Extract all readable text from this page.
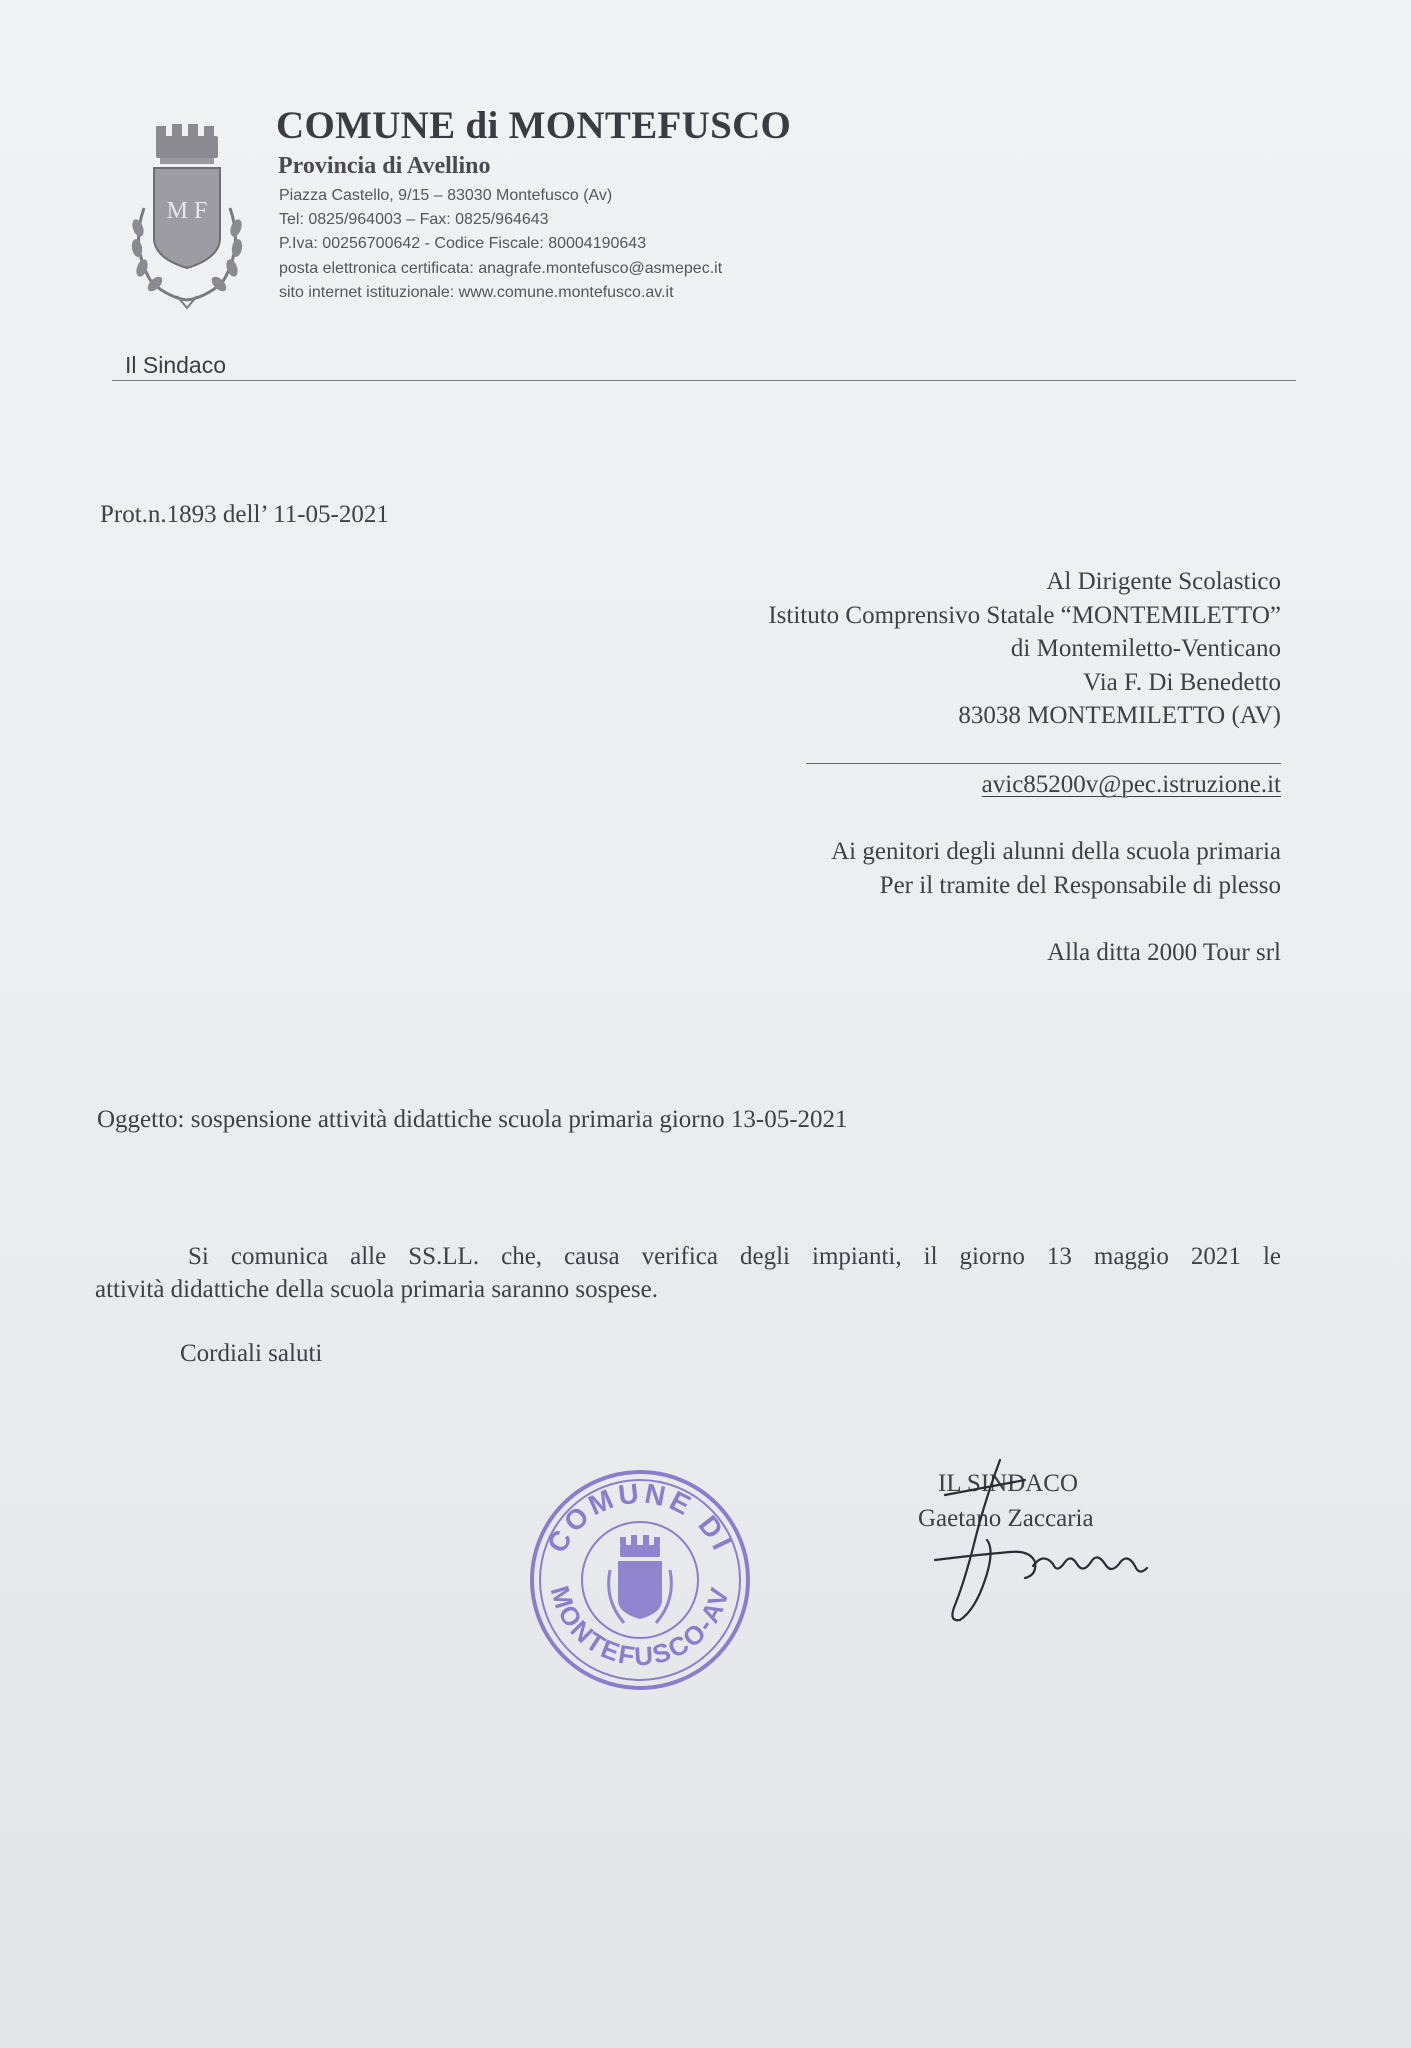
M F
COMUNE di MONTEFUSCO
Provincia di Avellino
Piazza Castello, 9/15 – 83030 Montefusco (Av)
Tel: 0825/964003 – Fax: 0825/964643
P.Iva: 00256700642 - Codice Fiscale: 80004190643
posta elettronica certificata: anagrafe.montefusco@asmepec.it
sito internet istituzionale: www.comune.montefusco.av.it
Il Sindaco
Prot.n.1893 dell’ 11-05-2021
Al Dirigente Scolastico
Istituto Comprensivo Statale “MONTEMILETTO”
di Montemiletto-Venticano
Via F. Di Benedetto
83038 MONTEMILETTO (AV)
avic85200v@pec.istruzione.it
Ai genitori degli alunni della scuola primaria
Per il tramite del Responsabile di plesso
Alla ditta 2000 Tour srl
Oggetto: sospensione attività didattiche scuola primaria giorno 13-05-2021
Si comunica alle SS.LL. che, causa verifica degli impianti, il giorno 13 maggio 2021 le
attività didattiche della scuola primaria saranno sospese.
Cordiali saluti
COMUNE DI
MONTEFUSCO-AV
IL SINDACO
Gaetano Zaccaria
